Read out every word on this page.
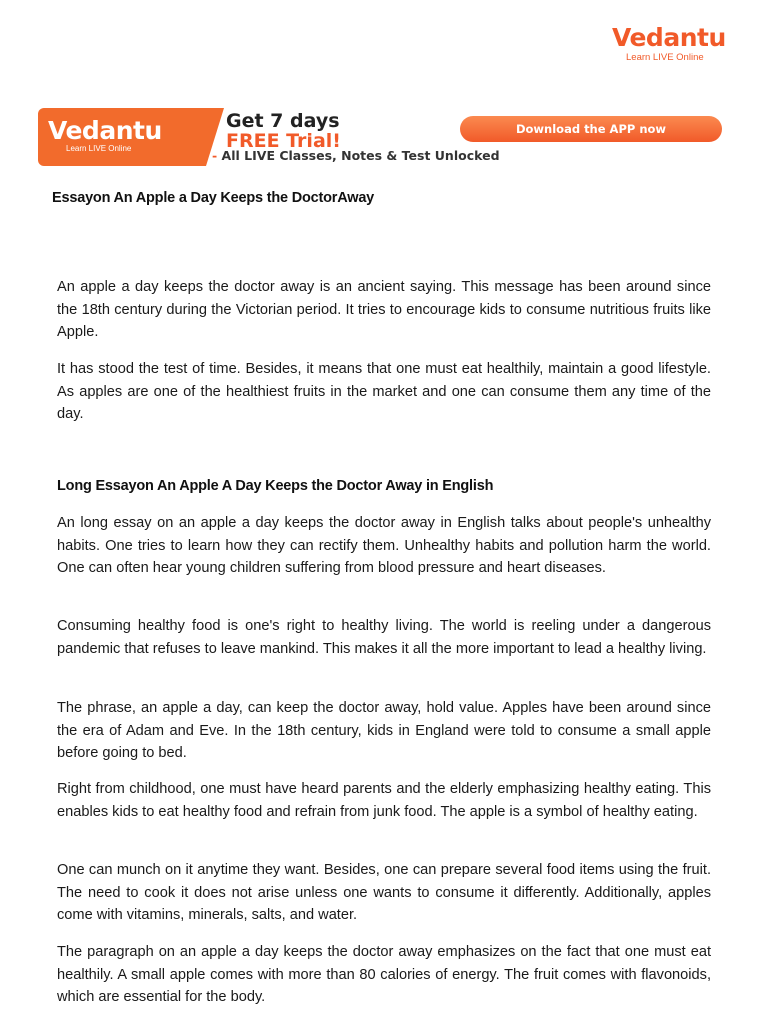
Vedantu
Learn LIVE Online
Vedantu
Learn LIVE Online
Get 7 days
FREE Trial!
- All LIVE Classes, Notes & Test Unlocked
Download the APP now
Essayon An Apple a Day Keeps the DoctorAway

An apple a day keeps the doctor away is an ancient saying. This message has been around since the 18th century during the Victorian period. It tries to encourage kids to consume nutritious fruits like Apple.

It has stood the test of time. Besides, it means that one must eat healthily, maintain a good lifestyle. As apples are one of the healthiest fruits in the market and one can consume them any time of the day.

Long Essayon An Apple A Day Keeps the Doctor Away in English

An long essay on an apple a day keeps the doctor away in English talks about people's unhealthy habits. One tries to learn how they can rectify them. Unhealthy habits and pollution harm the world. One can often hear young children suffering from blood pressure and heart diseases.

Consuming healthy food is one's right to healthy living. The world is reeling under a dangerous pandemic that refuses to leave mankind. This makes it all the more important to lead a healthy living.

The phrase, an apple a day, can keep the doctor away, hold value. Apples have been around since the era of Adam and Eve. In the 18th century, kids in England were told to consume a small apple before going to bed.

Right from childhood, one must have heard parents and the elderly emphasizing healthy eating. This enables kids to eat healthy food and refrain from junk food. The apple is a symbol of healthy eating.

One can munch on it anytime they want. Besides, one can prepare several food items using the fruit. The need to cook it does not arise unless one wants to consume it differently. Additionally, apples come with vitamins, minerals, salts, and water.

The paragraph on an apple a day keeps the doctor away emphasizes on the fact that one must eat healthily. A small apple comes with more than 80 calories of energy. The fruit comes with flavonoids, which are essential for the body.
